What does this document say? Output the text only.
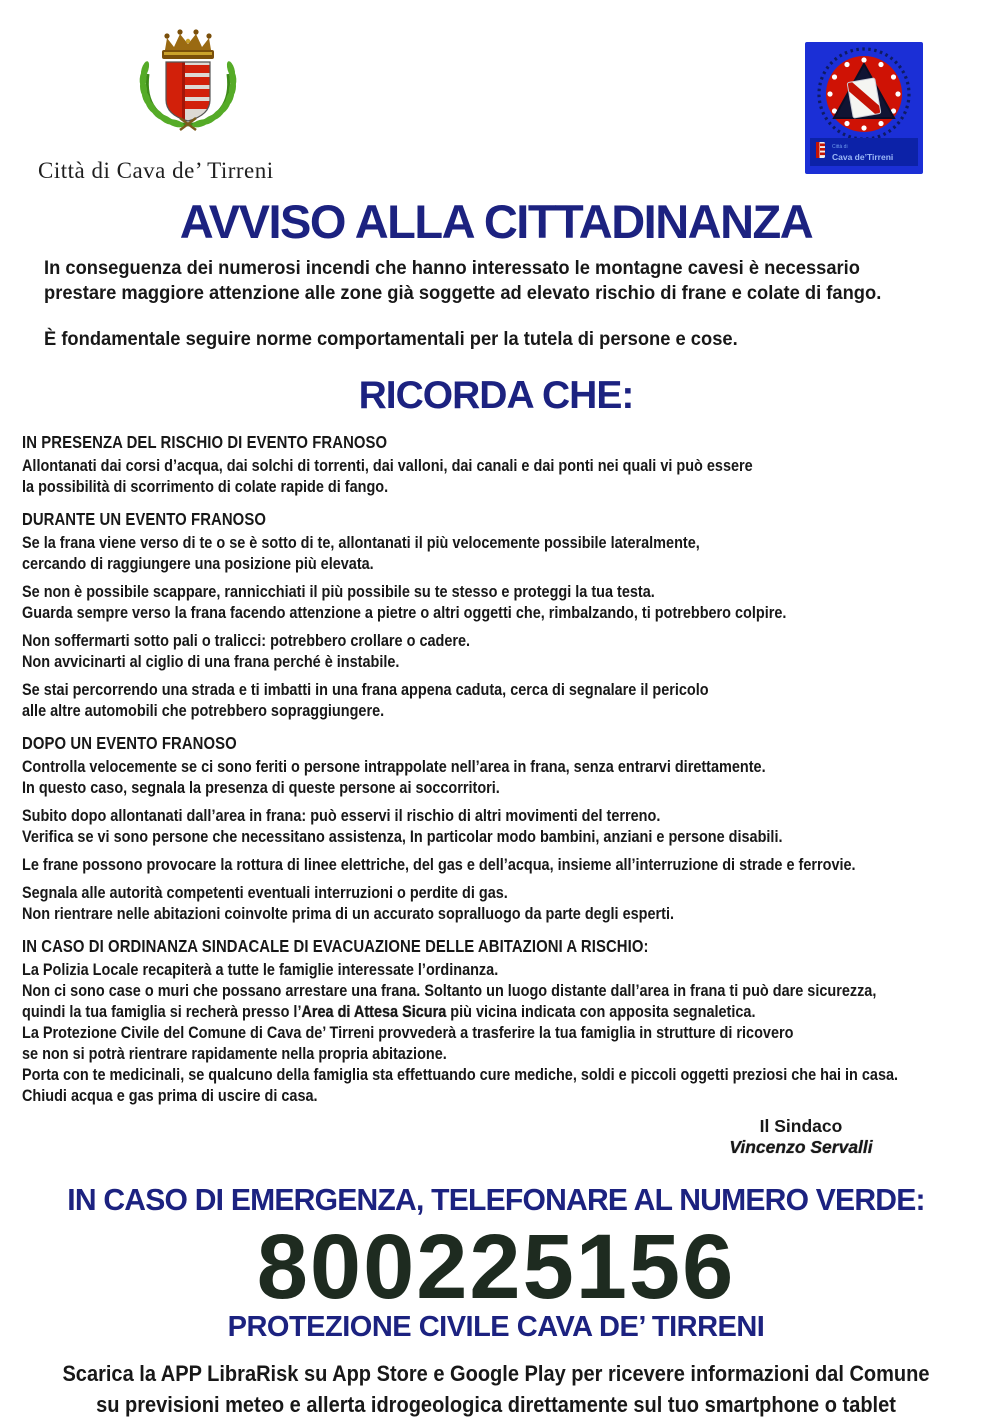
Città di Cava de’ Tirreni
Città di
Cava de’Tirreni
AVVISO ALLA CITTADINANZA
In conseguenza dei numerosi incendi che hanno interessato le montagne cavesi è necessario
prestare maggiore attenzione alle zone già soggette ad elevato rischio di frane e colate di fango.
È fondamentale seguire norme comportamentali per la tutela di persone e cose.
RICORDA CHE:
IN PRESENZA DEL RISCHIO DI EVENTO FRANOSO
Allontanati dai corsi d’acqua, dai solchi di torrenti, dai valloni, dai canali e dai ponti nei quali vi può essere
la possibilità di scorrimento di colate rapide di fango.
DURANTE UN EVENTO FRANOSO
Se la frana viene verso di te o se è sotto di te, allontanati il più velocemente possibile lateralmente,
cercando di raggiungere una posizione più elevata.
Se non è possibile scappare, rannicchiati il più possibile su te stesso e proteggi la tua testa.
Guarda sempre verso la frana facendo attenzione a pietre o altri oggetti che, rimbalzando, ti potrebbero colpire.
Non soffermarti sotto pali o tralicci: potrebbero crollare o cadere.
Non avvicinarti al ciglio di una frana perché è instabile.
Se stai percorrendo una strada e ti imbatti in una frana appena caduta, cerca di segnalare il pericolo
alle altre automobili che potrebbero sopraggiungere.
DOPO UN EVENTO FRANOSO
Controlla velocemente se ci sono feriti o persone intrappolate nell’area in frana, senza entrarvi direttamente.
In questo caso, segnala la presenza di queste persone ai soccorritori.
Subito dopo allontanati dall’area in frana: può esservi il rischio di altri movimenti del terreno.
Verifica se vi sono persone che necessitano assistenza, In particolar modo bambini, anziani e persone disabili.
Le frane possono provocare la rottura di linee elettriche, del gas e dell’acqua, insieme all’interruzione di strade e ferrovie.
Segnala alle autorità competenti eventuali interruzioni o perdite di gas.
Non rientrare nelle abitazioni coinvolte prima di un accurato sopralluogo da parte degli esperti.
IN CASO DI ORDINANZA SINDACALE DI EVACUAZIONE DELLE ABITAZIONI A RISCHIO:
La Polizia Locale recapiterà a tutte le famiglie interessate l’ordinanza.
Non ci sono case o muri che possano arrestare una frana. Soltanto un luogo distante dall’area in frana ti può dare sicurezza,
quindi la tua famiglia si recherà presso l’Area di Attesa Sicura più vicina indicata con apposita segnaletica.
La Protezione Civile del Comune di Cava de’ Tirreni provvederà a trasferire la tua famiglia in strutture di ricovero
se non si potrà rientrare rapidamente nella propria abitazione.
Porta con te medicinali, se qualcuno della famiglia sta effettuando cure mediche, soldi e piccoli oggetti preziosi che hai in casa.
Chiudi acqua e gas prima di uscire di casa.
Il Sindaco
Vincenzo Servalli
IN CASO DI EMERGENZA, TELEFONARE AL NUMERO VERDE:
800225156
PROTEZIONE CIVILE CAVA DE’ TIRRENI
Scarica la APP LibraRisk su App Store e Google Play per ricevere informazioni dal Comune
su previsioni meteo e allerta idrogeologica direttamente sul tuo smartphone o tablet
